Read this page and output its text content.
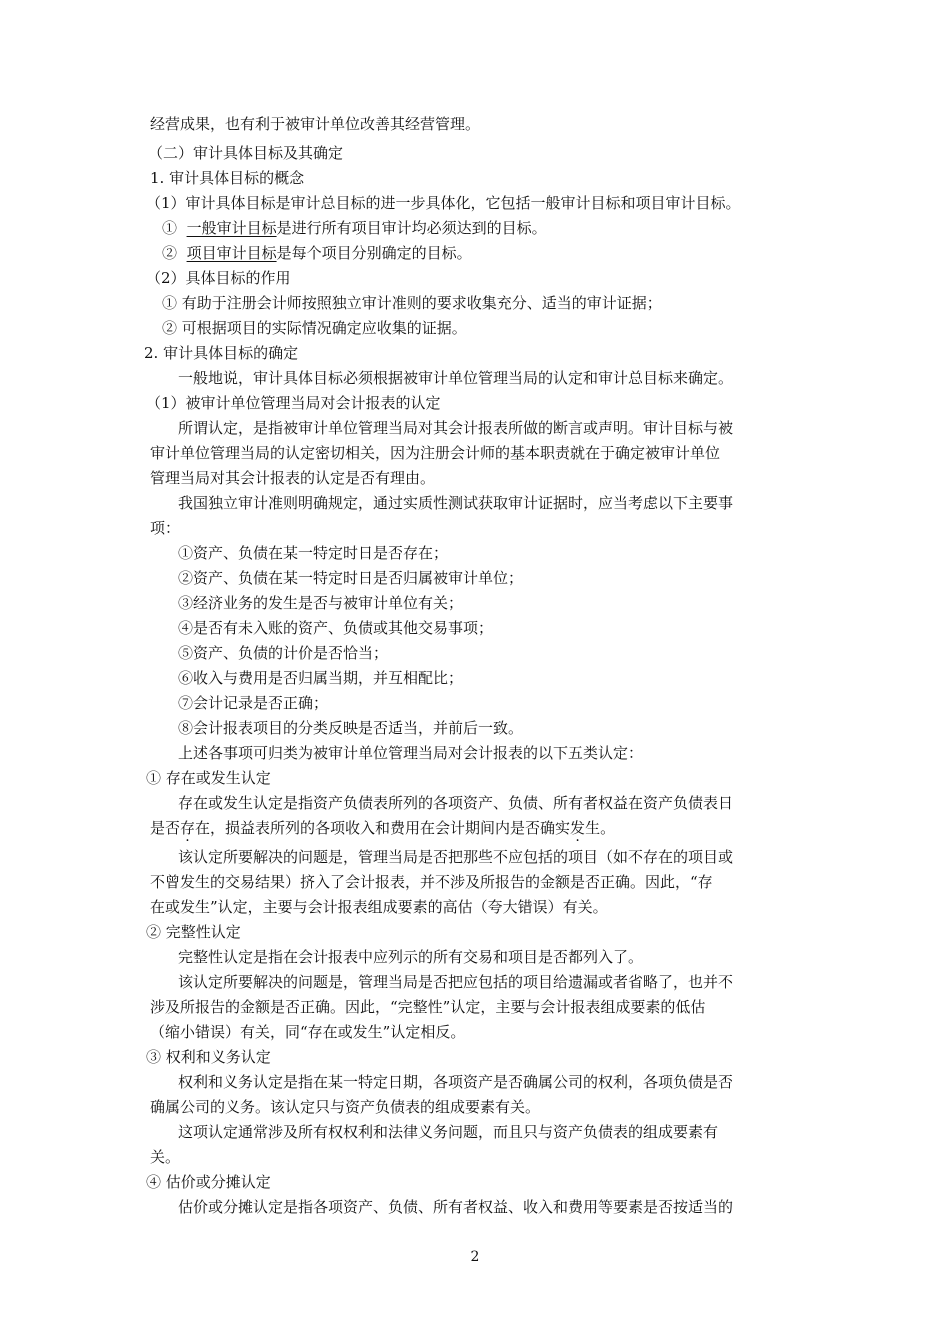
经营成果，也有利于被审计单位改善其经营管理。
（二）审计具体目标及其确定
1. 审计具体目标的概念
（1）审计具体目标是审计总目标的进一步具体化，它包括一般审计目标和项目审计目标。
① 一般审计目标是进行所有项目审计均必须达到的目标。
② 项目审计目标是每个项目分别确定的目标。
（2）具体目标的作用
① 有助于注册会计师按照独立审计准则的要求收集充分、适当的审计证据；
② 可根据项目的实际情况确定应收集的证据。
2. 审计具体目标的确定
一般地说，审计具体目标必须根据被审计单位管理当局的认定和审计总目标来确定。
（1）被审计单位管理当局对会计报表的认定
所谓认定，是指被审计单位管理当局对其会计报表所做的断言或声明。审计目标与被
审计单位管理当局的认定密切相关，因为注册会计师的基本职责就在于确定被审计单位
管理当局对其会计报表的认定是否有理由。
我国独立审计准则明确规定，通过实质性测试获取审计证据时，应当考虑以下主要事
项：
①资产、负债在某一特定时日是否存在；
②资产、负债在某一特定时日是否归属被审计单位；
③经济业务的发生是否与被审计单位有关；
④是否有未入账的资产、负债或其他交易事项；
⑤资产、负债的计价是否恰当；
⑥收入与费用是否归属当期，并互相配比；
⑦会计记录是否正确；
⑧会计报表项目的分类反映是否适当，并前后一致。
上述各事项可归类为被审计单位管理当局对会计报表的以下五类认定：
① 存在或发生认定
存在或发生认定是指资产负债表所列的各项资产、负债、所有者权益在资产负债表日
是否存在，损益表所列的各项收入和费用在会计期间内是否确实发生。
该认定所要解决的问题是，管理当局是否把那些不应包括的项目（如不存在的项目或
不曾发生的交易结果）挤入了会计报表，并不涉及所报告的金额是否正确。因此，“存
在或发生”认定，主要与会计报表组成要素的高估（夸大错误）有关。
② 完整性认定
完整性认定是指在会计报表中应列示的所有交易和项目是否都列入了。
该认定所要解决的问题是，管理当局是否把应包括的项目给遗漏或者省略了，也并不
涉及所报告的金额是否正确。因此，“完整性”认定，主要与会计报表组成要素的低估
（缩小错误）有关，同“存在或发生”认定相反。
③ 权利和义务认定
权利和义务认定是指在某一特定日期，各项资产是否确属公司的权利，各项负债是否
确属公司的义务。该认定只与资产负债表的组成要素有关。
这项认定通常涉及所有权权利和法律义务问题，而且只与资产负债表的组成要素有
关。
④ 估价或分摊认定
估价或分摊认定是指各项资产、负债、所有者权益、收入和费用等要素是否按适当的
2
